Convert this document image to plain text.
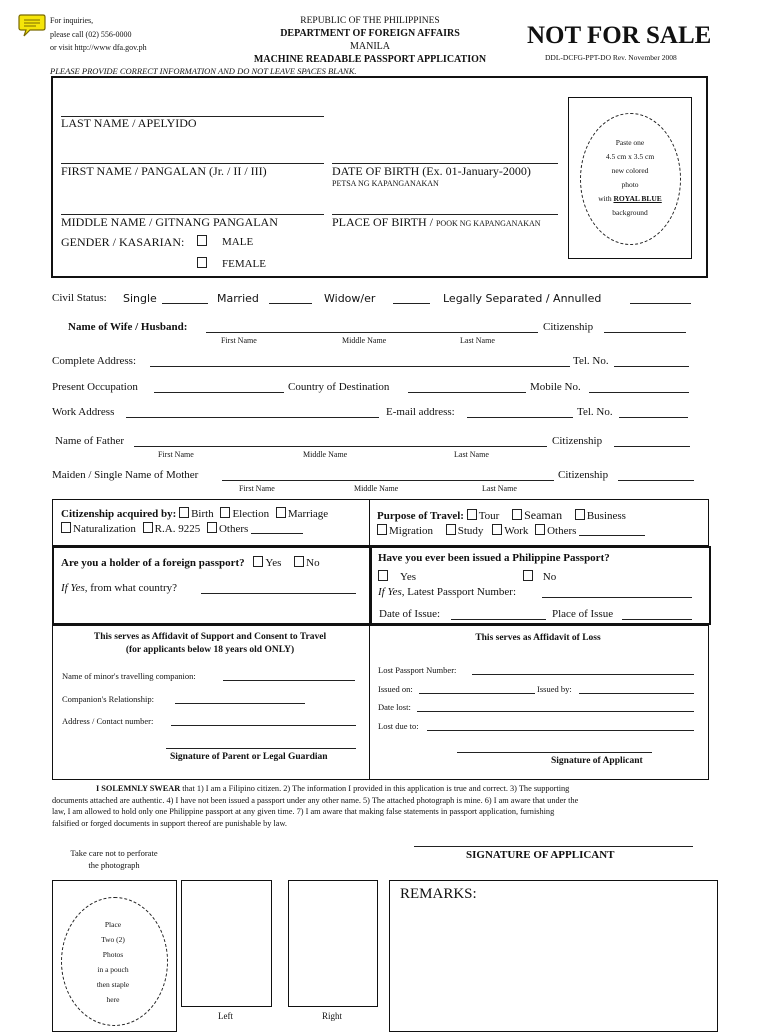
For inquiries,
please call (02) 556-0000
or visit http://www dfa.gov.ph
REPUBLIC OF THE PHILIPPINES
DEPARTMENT OF FOREIGN AFFAIRS
MANILA
MACHINE READABLE PASSPORT APPLICATION
NOT FOR SALE
DDL-DCFG-PPT-DO Rev. November 2008
PLEASE PROVIDE CORRECT INFORMATION AND DO NOT LEAVE SPACES BLANK.
LAST NAME / APELYIDO
FIRST NAME / PANGALAN (Jr. / II / III)	DATE OF BIRTH (Ex. 01-January-2000)
PETSA NG KAPANGANAKAN
MIDDLE NAME / GITNANG PANGALAN	PLACE OF BIRTH / POOK NG KAPANGANAKAN
GENDER / KASARIAN:	MALE
FEMALE
Paste one
4.5 cm x 3.5 cm
new colored
photo
with ROYAL BLUE
background
Civil Status: Single	Married	Widow/er	Legally Separated / Annulled
Name of Wife / Husband:	Citizenship
First Name	Middle Name	Last Name
Complete Address:	Tel. No.
Present Occupation	Country of Destination	Mobile No.
Work Address	E-mail address:	Tel. No.
Name of Father	Citizenship
First Name	Middle Name	Last Name
Maiden / Single Name of Mother	Citizenship
First Name	Middle Name	Last Name
Citizenship acquired by: Birth Election Marriage
Naturalization R.A. 9225 Others
Purpose of Travel: Tour Seaman Business
Migration Study Work Others
Are you a holder of a foreign passport? Yes No
If Yes, from what country?
Have you ever been issued a Philippine Passport?
Yes	No
If Yes, Latest Passport Number:
Date of Issue:	Place of Issue
This serves as Affidavit of Support and Consent to Travel
(for applicants below 18 years old ONLY)
Name of minor's travelling companion:
Companion's Relationship:
Address / Contact number:
Signature of Parent or Legal Guardian
This serves as Affidavit of Loss
Lost Passport Number:
Issued on:	Issued by:
Date lost:
Lost due to:
Signature of Applicant
I SOLEMNLY SWEAR that 1) I am a Filipino citizen. 2) The information I provided in this application is true and correct. 3) The supporting
documents attached are authentic. 4) I have not been issued a passport under any other name. 5) The attached photograph is mine. 6) I am aware that under the
law, I am allowed to hold only one Philippine passport at any given time. 7) I am aware that making false statements in passport application, furnishing
falsified or forged documents in support thereof are punishable by law.
Take care not to perforate
the photograph
SIGNATURE OF APPLICANT
Place
Two (2)
Photos
in a pouch
then staple
here
Left	Right
REMARKS:
